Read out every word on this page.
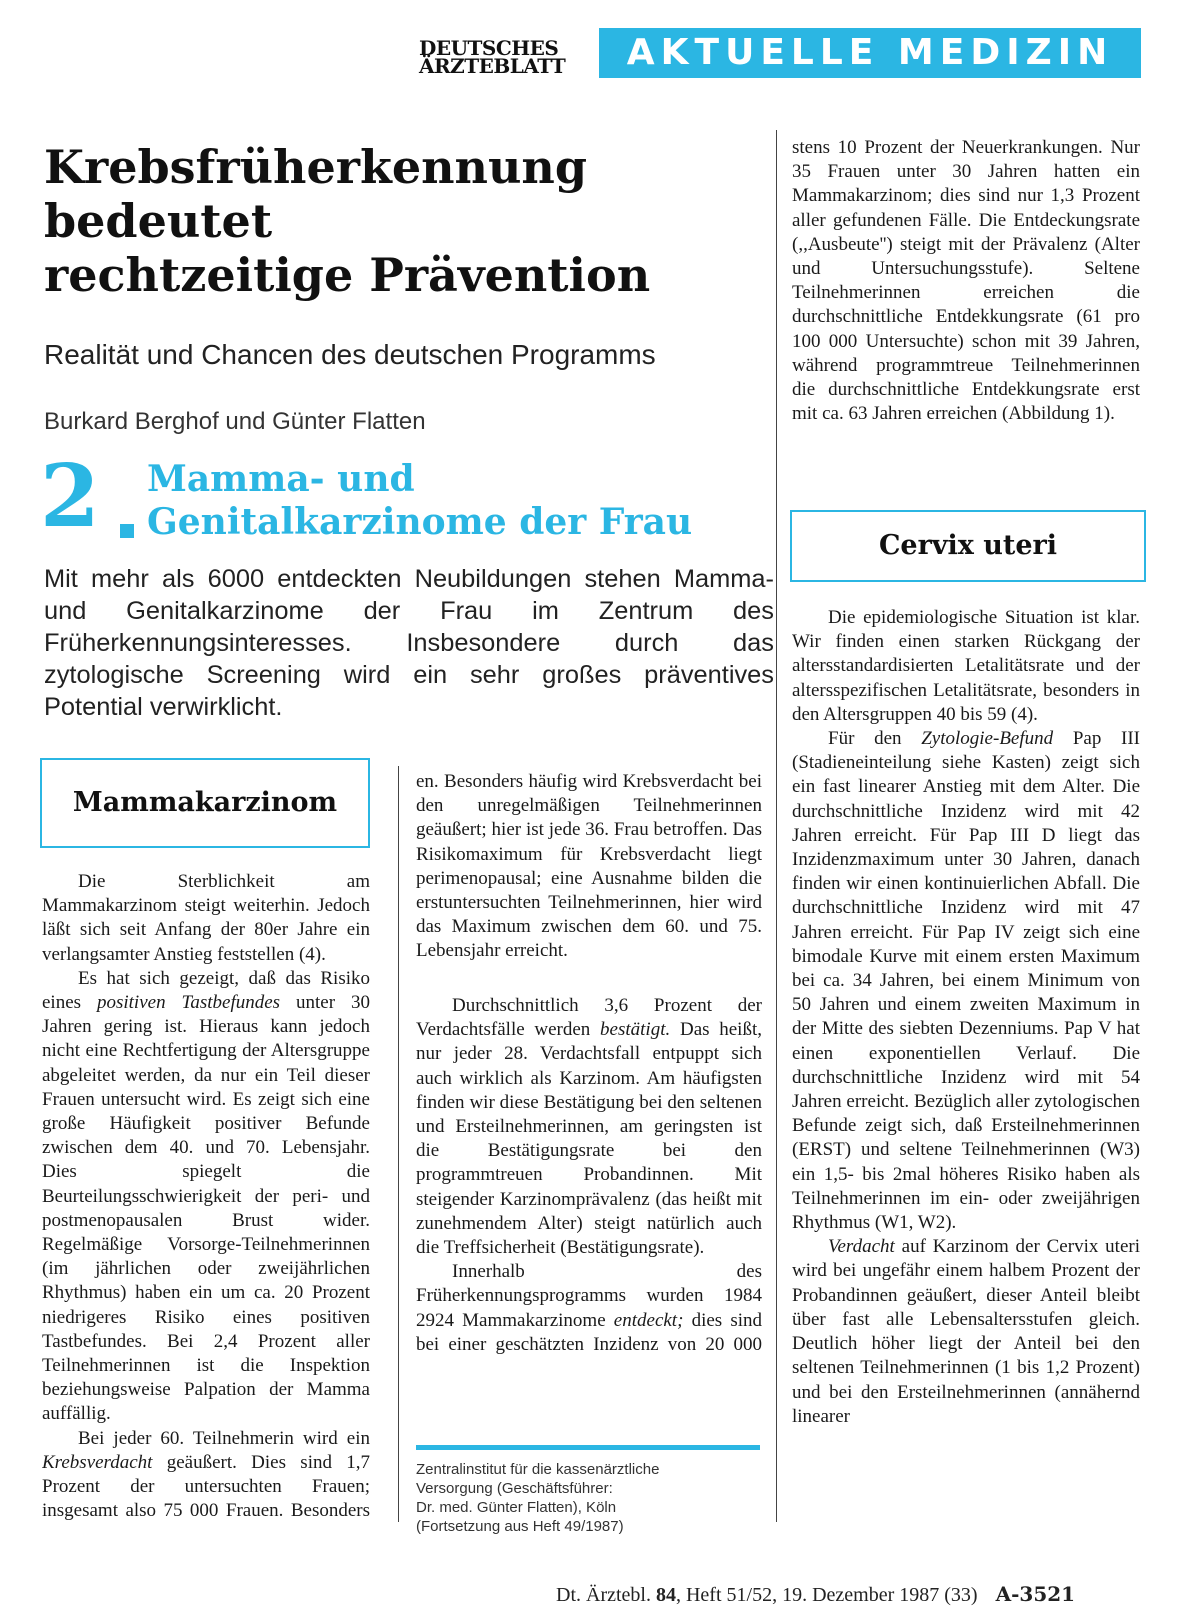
DEUTSCHES
ÄRZTEBLATT	AKTUELLE MEDIZIN
Krebsfrüherkennung
bedeutet
rechtzeitige Prävention
Realität und Chancen des deutschen Programms
Burkard Berghof und Günter Flatten
2 Mamma- und
Genitalkarzinome der Frau
Mit mehr als 6000 entdeckten Neubildungen stehen Mamma- und Genitalkarzinome der Frau im Zentrum des Früherkennungsinteresses. Insbesondere durch das zytologische Screening wird ein sehr großes präventives Potential verwirklicht.
Mammakarzinom

Die Sterblichkeit am Mammakarzinom steigt weiterhin. Jedoch läßt sich seit Anfang der 80er Jahre ein verlangsamter Anstieg feststellen (4).

Es hat sich gezeigt, daß das Risiko eines positiven Tastbefundes unter 30 Jahren gering ist. Hieraus kann jedoch nicht eine Rechtfertigung der Altersgruppe abgeleitet werden, da nur ein Teil dieser Frauen untersucht wird. Es zeigt sich eine große Häufigkeit positiver Befunde zwischen dem 40. und 70. Lebensjahr. Dies spiegelt die Beurteilungsschwierigkeit der peri- und postmenopausalen Brust wider. Regelmäßige Vorsorge-Teilnehmerinnen (im jährlichen oder zweijährlichen Rhythmus) haben ein um ca. 20 Prozent niedrigeres Risiko eines positiven Tastbefundes. Bei 2,4 Prozent aller Teilnehmerinnen ist die Inspektion beziehungsweise Palpation der Mamma auffällig.

Bei jeder 60. Teilnehmerin wird ein Krebsverdacht geäußert. Dies sind 1,7 Prozent der untersuchten Frauen; insgesamt also 75 000 Frauen. Besonders

en. Besonders häufig wird Krebsverdacht bei den unregelmäßigen Teilnehmerinnen geäußert; hier ist jede 36. Frau betroffen. Das Risikomaximum für Krebsverdacht liegt perimenopausal; eine Ausnahme bilden die erstuntersuchten Teilnehmerinnen, hier wird das Maximum zwischen dem 60. und 75. Lebensjahr erreicht.

Durchschnittlich 3,6 Prozent der Verdachtsfälle werden bestätigt. Das heißt, nur jeder 28. Verdachtsfall entpuppt sich auch wirklich als Karzinom. Am häufigsten finden wir diese Bestätigung bei den seltenen und Ersteilnehmerinnen, am geringsten ist die Bestätigungsrate bei den programmtreuen Probandinnen. Mit steigender Karzinomprävalenz (das heißt mit zunehmendem Alter) steigt natürlich auch die Treffsicherheit (Bestätigungsrate).

Innerhalb des Früherkennungsprogramms wurden 1984 2924 Mammakarzinome entdeckt; dies sind bei einer geschätzten Inzidenz von 20 000

Zentralinstitut für die kassenärztliche
Versorgung (Geschäftsführer:
Dr. med. Günter Flatten), Köln
(Fortsetzung aus Heft 49/1987)

stens 10 Prozent der Neuerkrankungen. Nur 35 Frauen unter 30 Jahren hatten ein Mammakarzinom; dies sind nur 1,3 Prozent aller gefundenen Fälle. Die Entdeckungsrate (,,Ausbeute'') steigt mit der Prävalenz (Alter und Untersuchungsstufe). Seltene Teilnehmerinnen erreichen die durchschnittliche Entdekkungsrate (61 pro 100 000 Untersuchte) schon mit 39 Jahren, während programmtreue Teilnehmerinnen die durchschnittliche Entdekkungsrate erst mit ca. 63 Jahren erreichen (Abbildung 1).

Cervix uteri

Die epidemiologische Situation ist klar. Wir finden einen starken Rückgang der altersstandardisierten Letalitätsrate und der altersspezifischen Letalitätsrate, besonders in den Altersgruppen 40 bis 59 (4).

Für den Zytologie-Befund Pap III (Stadieneinteilung siehe Kasten) zeigt sich ein fast linearer Anstieg mit dem Alter. Die durchschnittliche Inzidenz wird mit 42 Jahren erreicht. Für Pap III D liegt das Inzidenzmaximum unter 30 Jahren, danach finden wir einen kontinuierlichen Abfall. Die durchschnittliche Inzidenz wird mit 47 Jahren erreicht. Für Pap IV zeigt sich eine bimodale Kurve mit einem ersten Maximum bei ca. 34 Jahren, bei einem Minimum von 50 Jahren und einem zweiten Maximum in der Mitte des siebten Dezenniums. Pap V hat einen exponentiellen Verlauf. Die durchschnittliche Inzidenz wird mit 54 Jahren erreicht. Bezüglich aller zytologischen Befunde zeigt sich, daß Ersteilnehmerinnen (ERST) und seltene Teilnehmerinnen (W3) ein 1,5- bis 2mal höheres Risiko haben als Teilnehmerinnen im ein- oder zweijährigen Rhythmus (W1, W2).

Verdacht auf Karzinom der Cervix uteri wird bei ungefähr einem halbem Prozent der Probandinnen geäußert, dieser Anteil bleibt über fast alle Lebensaltersstufen gleich. Deutlich höher liegt der Anteil bei den seltenen Teilnehmerinnen (1 bis 1,2 Prozent) und bei den Ersteilnehmerinnen (annähernd linearer

Dt. Ärztebl. 84, Heft 51/52, 19. Dezember 1987 (33) A-3521
